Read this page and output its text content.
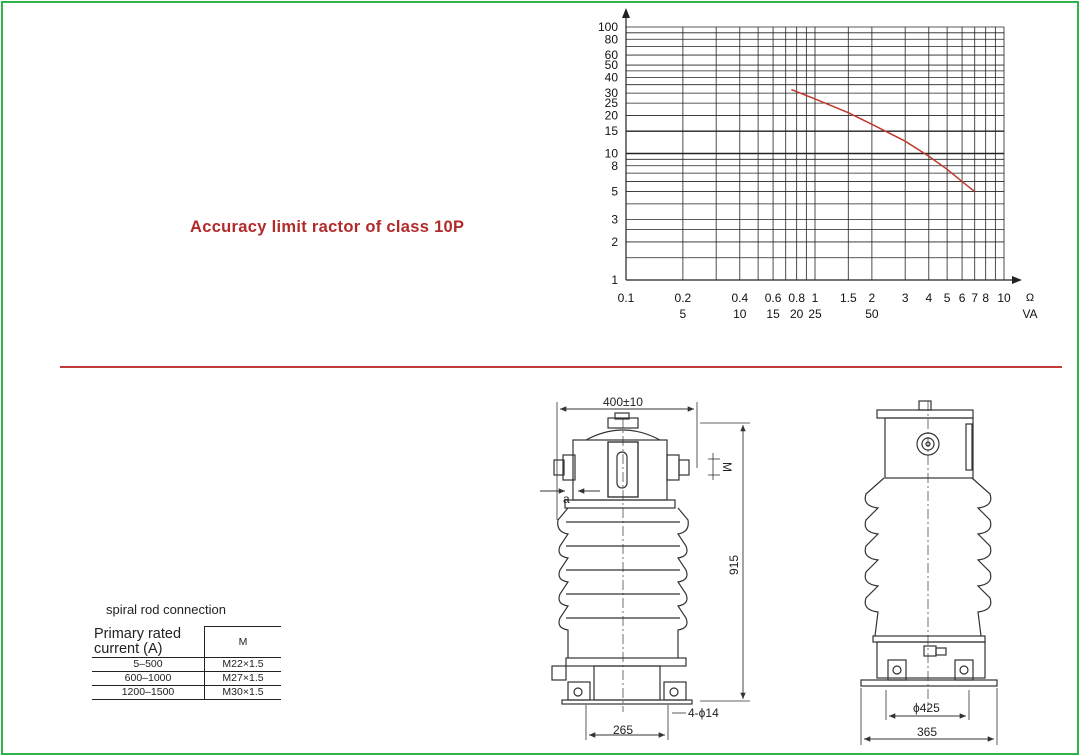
Accuracy limit ractor of class 10P
1
2
3
5
8
10
15
20
25
30
40
50
60
80
100
0.1	0.2	0.4 0.6 0.8 1 1.5 2 3 4 5 6 7 8 10
5	10 15 20 25	50
Ω
VA
400±10
a
M
915
265
4-ϕ14	ϕ425
365
spiral rod connection
Primary rated current (A)	M
5–500	M22×1.5
600–1000	M27×1.5
1200–1500	M30×1.5
